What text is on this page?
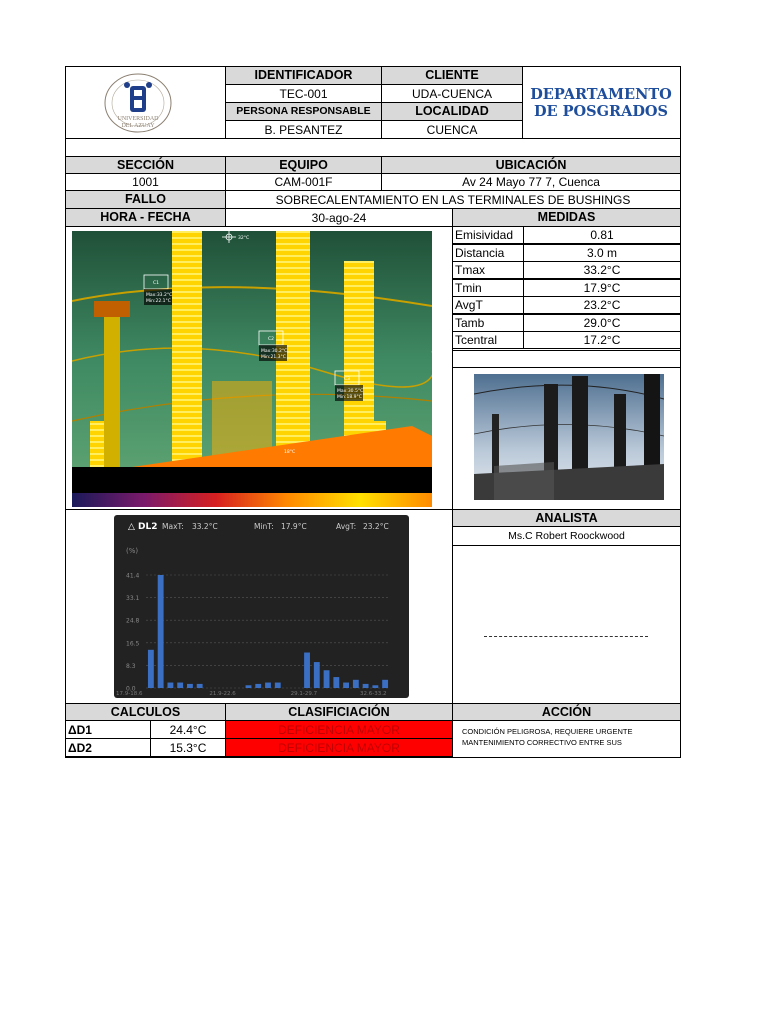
UNIVERSIDAD DEL AZUAY
IDENTIFICADOR	CLIENTE
TEC-001	UDA-CUENCA
PERSONA RESPONSABLE	LOCALIDAD
B. PESANTEZ	CUENCA
DEPARTAMENTO
DE POSGRADOS
SECCIÓN	EQUIPO	UBICACIÓN
1001	CAM-001F	Av 24 Mayo 77 7, Cuenca
FALLO	SOBRECALENTAMIENTO EN LAS TERMINALES DE BUSHINGS
HORA - FECHA	30-ago-24	MEDIDAS
Emisividad	0.81
Distancia	3.0 m
Tmax	33.2°C
Tmin	17.9°C
AvgT	23.2°C
Tamb	29.0°C
Tcentral	17.2°C
32°C
C1
Max:33.2°C
Min:22.1°C
C2
Max:30.2°C
Min:21.3°C
C3
Max:30.5°C
Min:18.9°C
18°C
△ DL2 MaxT: 33.2°C	MinT: 17.9°C	AvgT: 23.2°C
(%)
41.4
33.1
24.8
16.5
8.3
0.0
17.9-18.6	21.9-22.6	29.1-29.7	32.6-33.2
ANALISTA
Ms.C Robert Roockwood
CALCULOS	CLASIFICIACIÓN	ACCIÓN
ΔD1	24.4°C	DEFICIENCIA MAYOR
ΔD2	15.3°C	DEFICIENCIA MAYOR
CONDICIÓN PELIGROSA, REQUIERE URGENTE
MANTENIMIENTO CORRECTIVO ENTRE SUS
